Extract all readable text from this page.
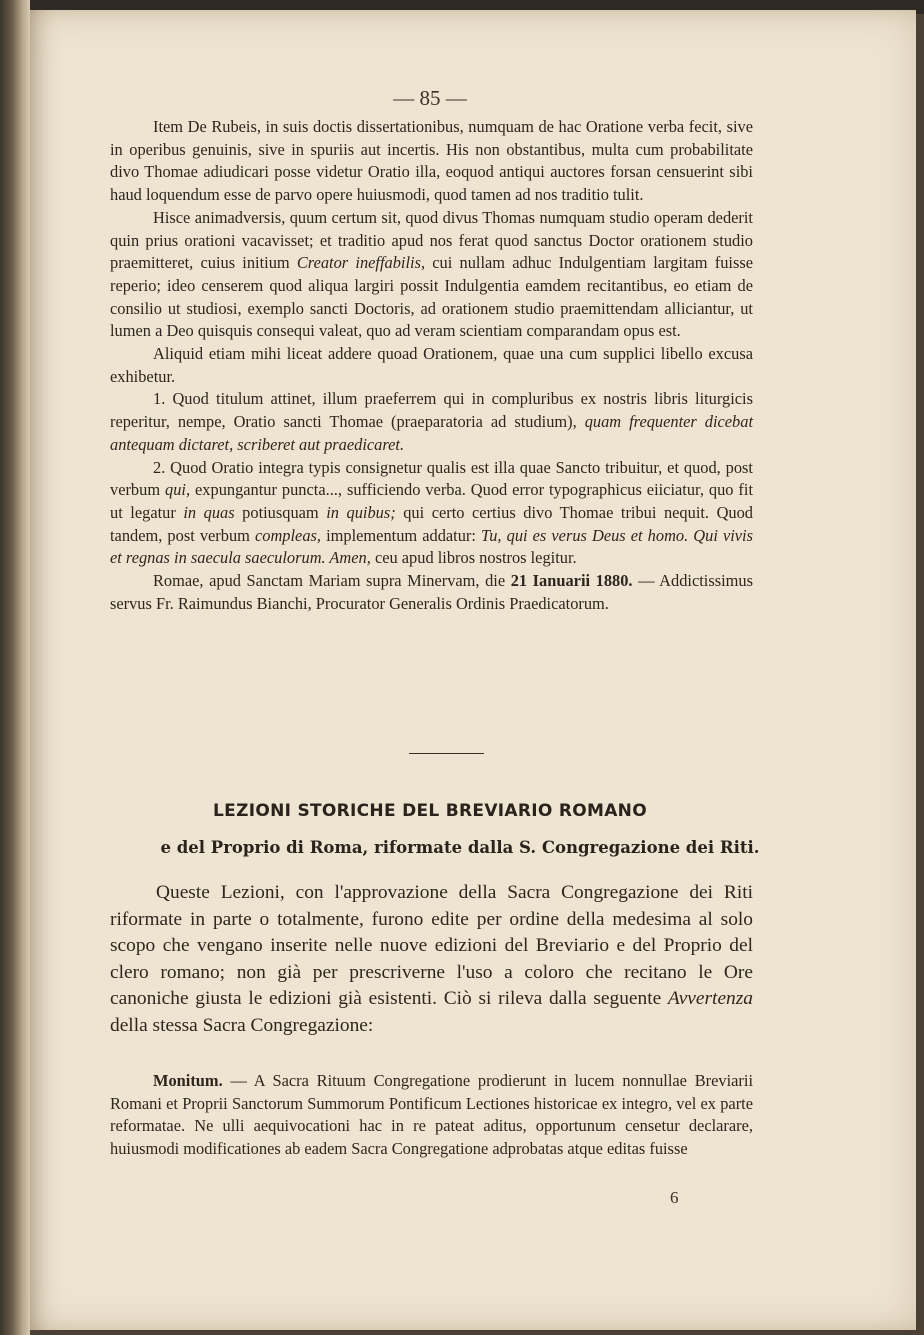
— 85 —

Item De Rubeis, in suis doctis dissertationibus, numquam de hac Oratione verba fecit, sive in operibus genuinis, sive in spuriis aut incertis. His non obstantibus, multa cum probabilitate divo Thomae adiudicari posse videtur Oratio illa, eoquod antiqui auctores forsan censuerint sibi haud loquendum esse de parvo opere huiusmodi, quod tamen ad nos traditio tulit.

Hisce animadversis, quum certum sit, quod divus Thomas numquam studio operam dederit quin prius orationi vacavisset; et traditio apud nos ferat quod sanctus Doctor orationem studio praemitteret, cuius initium Creator ineffabilis, cui nullam adhuc Indulgentiam largitam fuisse reperio; ideo censerem quod aliqua largiri possit Indulgentia eamdem recitantibus, eo etiam de consilio ut studiosi, exemplo sancti Doctoris, ad orationem studio praemittendam alliciantur, ut lumen a Deo quisquis consequi valeat, quo ad veram scientiam comparandam opus est.

Aliquid etiam mihi liceat addere quoad Orationem, quae una cum supplici libello excusa exhibetur.

1. Quod titulum attinet, illum praeferrem qui in compluribus ex nostris libris liturgicis reperitur, nempe, Oratio sancti Thomae (praeparatoria ad studium), quam frequenter dicebat antequam dictaret, scriberet aut praedicaret.

2. Quod Oratio integra typis consignetur qualis est illa quae Sancto tribuitur, et quod, post verbum qui, expungantur puncta..., sufficiendo verba. Quod error typographicus eiiciatur, quo fit ut legatur in quas potiusquam in quibus; qui certo certius divo Thomae tribui nequit. Quod tandem, post verbum compleas, implementum addatur: Tu, qui es verus Deus et homo. Qui vivis et regnas in saecula saeculorum. Amen, ceu apud libros nostros legitur.

Romae, apud Sanctam Mariam supra Minervam, die 21 Ianuarii 1880. — Addictissimus servus Fr. Raimundus Bianchi, Procurator Generalis Ordinis Praedicatorum.

LEZIONI STORICHE DEL BREVIARIO ROMANO
e del Proprio di Roma, riformate dalla S. Congregazione dei Riti.

Queste Lezioni, con l'approvazione della Sacra Congregazione dei Riti riformate in parte o totalmente, furono edite per ordine della medesima al solo scopo che vengano inserite nelle nuove edizioni del Breviario e del Proprio del clero romano; non già per prescriverne l'uso a coloro che recitano le Ore canoniche giusta le edizioni già esistenti. Ciò si rileva dalla seguente Avvertenza della stessa Sacra Congregazione:

Monitum. — A Sacra Rituum Congregatione prodierunt in lucem nonnullae Breviarii Romani et Proprii Sanctorum Summorum Pontificum Lectiones historicae ex integro, vel ex parte reformatae. Ne ulli aequivocationi hac in re pateat aditus, opportunum censetur declarare, huiusmodi modificationes ab eadem Sacra Congregatione adprobatas atque editas fuisse

6
